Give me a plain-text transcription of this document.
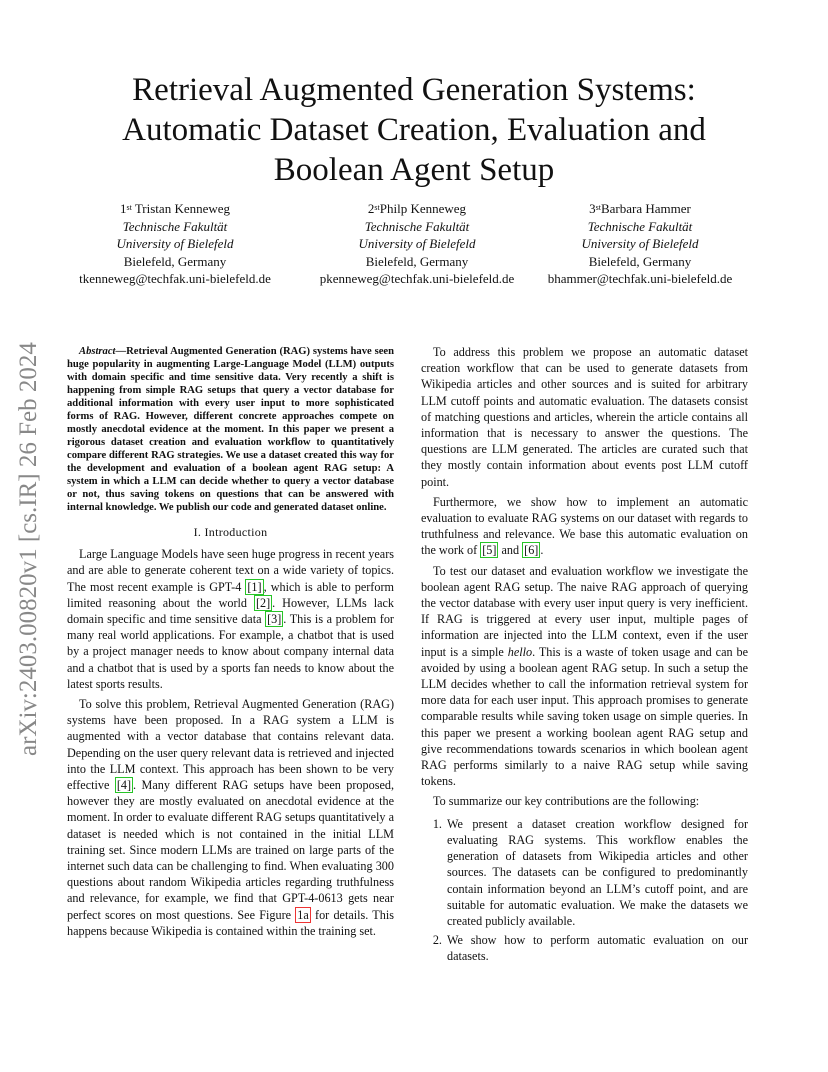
arXiv:2403.00820v1 [cs.IR] 26 Feb 2024
Retrieval Augmented Generation Systems:
Automatic Dataset Creation, Evaluation and
Boolean Agent Setup
1st Tristan Kenneweg
Technische Fakultät
University of Bielefeld
Bielefeld, Germany
tkenneweg@techfak.uni-bielefeld.de
2stPhilp Kenneweg
Technische Fakultät
University of Bielefeld
Bielefeld, Germany
pkenneweg@techfak.uni-bielefeld.de
3stBarbara Hammer
Technische Fakultät
University of Bielefeld
Bielefeld, Germany
bhammer@techfak.uni-bielefeld.de

Abstract—Retrieval Augmented Generation (RAG) systems have seen huge popularity in augmenting Large-Language Model (LLM) outputs with domain specific and time sensitive data. Very recently a shift is happening from simple RAG setups that query a vector database for additional information with every user input to more sophisticated forms of RAG. However, different concrete approaches compete on mostly anecdotal evidence at the moment. In this paper we present a rigorous dataset creation and evaluation workflow to quantitatively compare different RAG strategies. We use a dataset created this way for the development and evaluation of a boolean agent RAG setup: A system in which a LLM can decide whether to query a vector database or not, thus saving tokens on questions that can be answered with internal knowledge. We publish our code and generated dataset online.

I. Introduction

Large Language Models have seen huge progress in recent years and are able to generate coherent text on a wide variety of topics. The most recent example is GPT-4 [1] , which is able to perform limited reasoning about the world [2] . However, LLMs lack domain specific and time sensitive data [3] . This is a problem for many real world applications. For example, a chatbot that is used by a project manager needs to know about company internal data and a chatbot that is used by a sports fan needs to know about the latest sports results.

To solve this problem, Retrieval Augmented Generation (RAG) systems have been proposed. In a RAG system a LLM is augmented with a vector database that contains relevant data. Depending on the user query relevant data is retrieved and injected into the LLM context. This approach has been shown to be very effective [4] . Many different RAG setups have been proposed, however they are mostly evaluated on anecdotal evidence at the moment. In order to evaluate different RAG setups quantitatively a dataset is needed which is not contained in the initial LLM training set. Since modern LLMs are trained on large parts of the internet such data can be challenging to find. When evaluating 300 questions about random Wikipedia articles regarding truthfulness and relevance, for example, we find that GPT-4-0613 gets near perfect scores on most questions. See Figure 1a for details. This happens because Wikipedia is contained within the training set.

To address this problem we propose an automatic dataset creation workflow that can be used to generate datasets from Wikipedia articles and other sources and is suited for arbitrary LLM cutoff points and automatic evaluation. The datasets consist of matching questions and articles, wherein the article contains all information that is necessary to answer the questions. The questions are LLM generated. The articles are curated such that they mostly contain information about events post LLM cutoff point.

Furthermore, we show how to implement an automatic evaluation to evaluate RAG systems on our dataset with regards to truthfulness and relevance. We base this automatic evaluation on the work of [5] and [6] .

To test our dataset and evaluation workflow we investigate the boolean agent RAG setup. The naive RAG approach of querying the vector database with every user input query is very inefficient. If RAG is triggered at every user input, multiple pages of information are injected into the LLM context, even if the user input is a simple hello. This is a waste of token usage and can be avoided by using a boolean agent RAG setup. In such a setup the LLM decides whether to call the information retrieval system for more data for each user input. This approach promises to generate comparable results while saving token usage on simple queries. In this paper we present a working boolean agent RAG setup and give recommendations towards scenarios in which boolean agent RAG performs similarly to a naive RAG setup while saving tokens.

To summarize our key contributions are the following:

1. We present a dataset creation workflow designed for evaluating RAG systems. This workflow enables the generation of datasets from Wikipedia articles and other sources. The datasets can be configured to predominantly contain information beyond an LLM’s cutoff point, and are suitable for automatic evaluation. We make the datasets we created publicly available.
2. We show how to perform automatic evaluation on our datasets.
